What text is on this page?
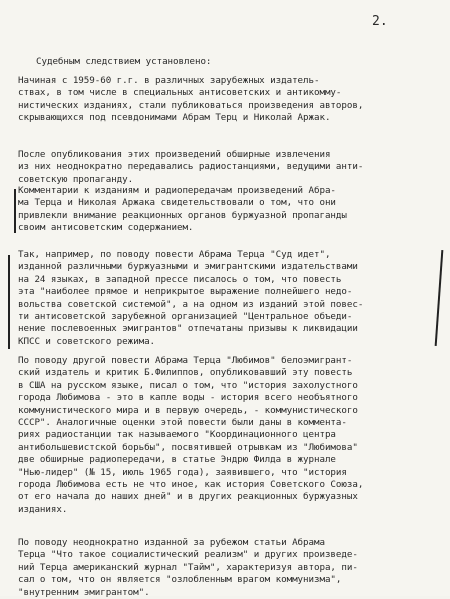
2.
Судебным следствием установлено:
Начиная с 1959-60 г.г. в различных зарубежных издатель-
ствах, в том числе в специальных антисоветских и антикомму-
нистических изданиях, стали публиковаться произведения авторов,
скрывающихся под псевдонимами Абрам Терц и Николай Аржак.
После опубликования этих произведений обширные извлечения
из них неоднократно передавались радиостанциями, ведущими анти-
советскую пропаганду.
Комментарии к изданиям и радиопередачам произведений Абра-
ма Терца и Николая Аржака свидетельствовали о том, что они
привлекли внимание реакционных органов буржуазной пропаганды
своим антисоветским содержанием.
Так, например, по поводу повести Абрама Терца "Суд идет",
изданной различными буржуазными и эмигрантскими издательствами
на 24 языках, в западной прессе писалось о том, что повесть
эта "наиболее прямое и неприкрытое выражение полнейшего недо-
вольства советской системой", а на одном из изданий этой повес-
ти антисоветской зарубежной организацией "Центральное объеди-
нение послевоенных эмигрантов" отпечатаны призывы к ликвидации
КПСС и советского режима.
По поводу другой повести Абрама Терца "Любимов" белоэмигрант-
ский издатель и критик Б.Филиппов, опубликовавший эту повесть
в США на русском языке, писал о том, что "история захолустного
города Любимова - это в капле воды - история всего необъятного
коммунистического мира и в первую очередь, - коммунистического
СССР". Аналогичные оценки этой повести были даны в коммента-
риях радиостанции так называемого "Координационного центра
антибольшевистской борьбы", посвятившей отрывкам из "Любимова"
две обширные радиопередачи, в статье Эндрю Филда в журнале
"Нью-лидер" (№ 15, июль 1965 года), заявившего, что "история
города Любимова есть не что иное, как история Советского Союза,
от его начала до наших дней" и в других реакционных буржуазных
изданиях.
По поводу неоднократно изданной за рубежом статьи Абрама
Терца "Что такое социалистический реализм" и других произведе-
ний Терца американский журнал "Тайм", характеризуя автора, пи-
сал о том, что он является "озлобленным врагом коммунизма",
"внутренним эмигрантом".
